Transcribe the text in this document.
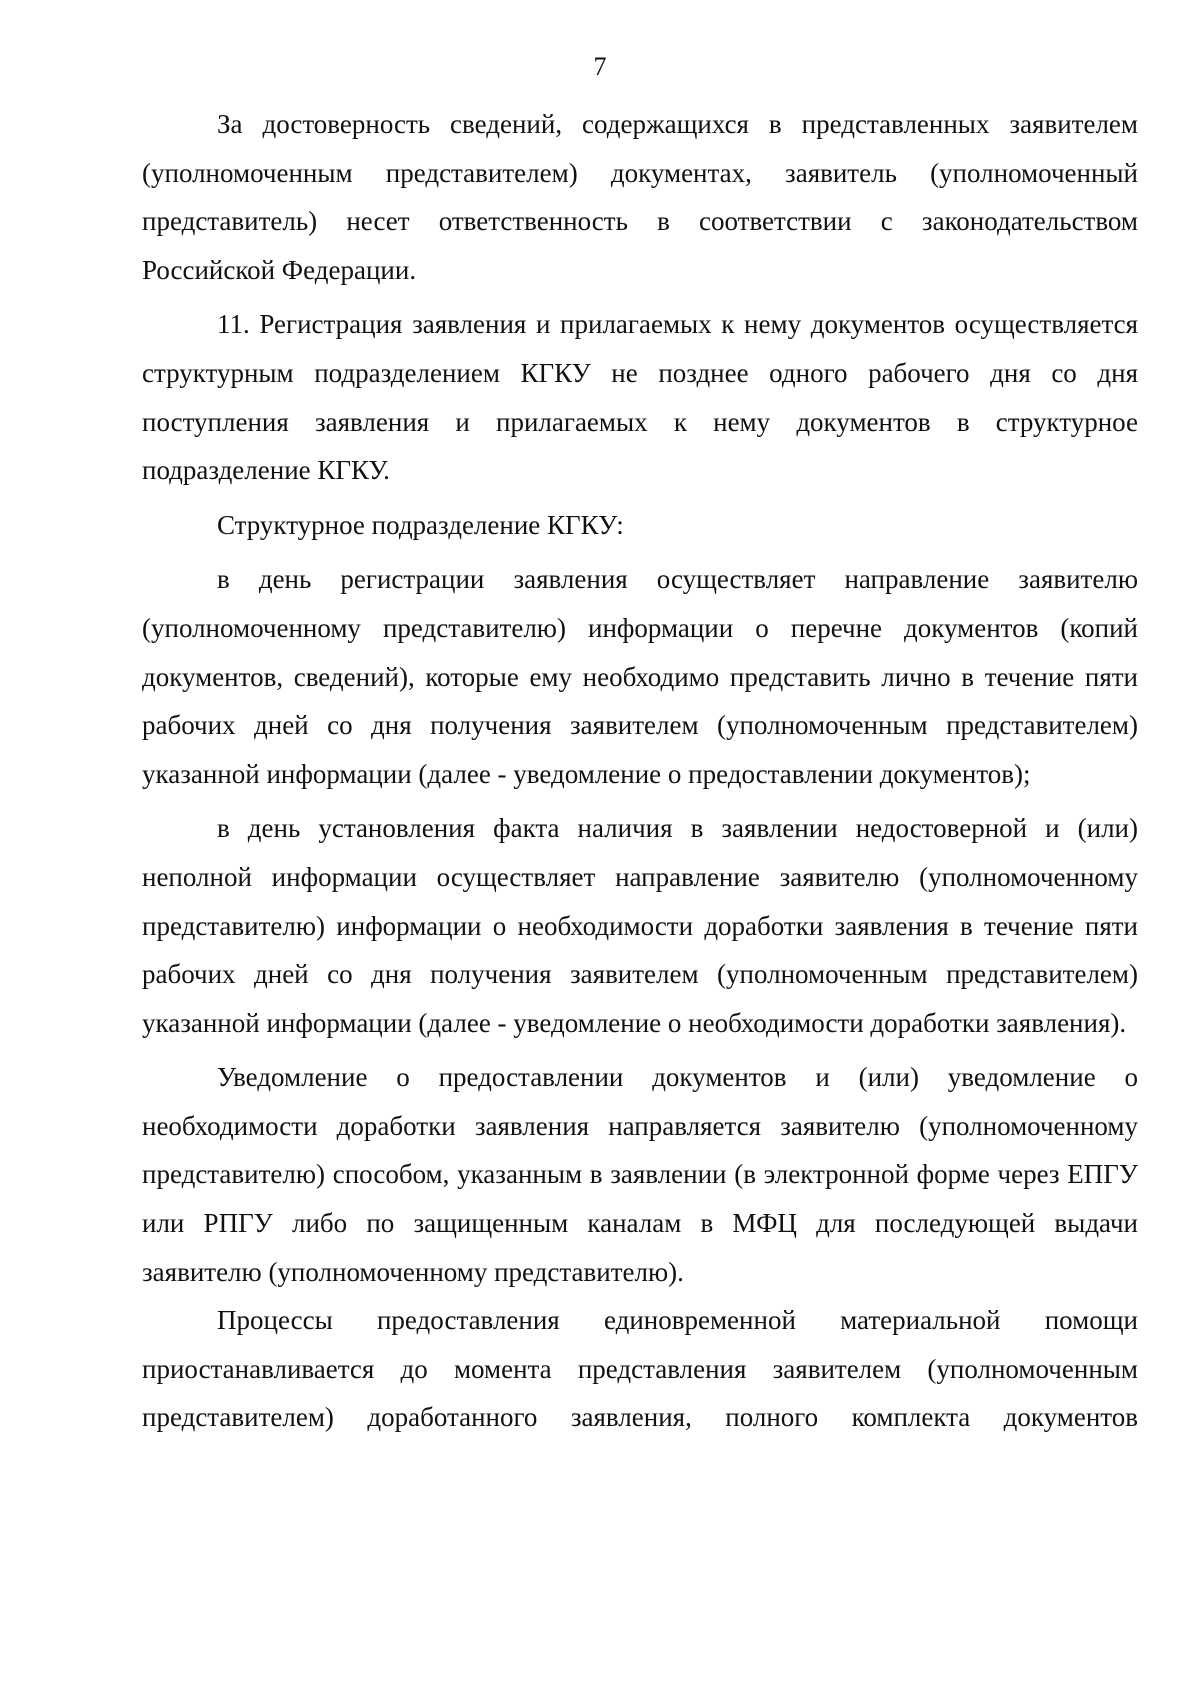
7

За достоверность сведений, содержащихся в представленных заявителем (уполномоченным представителем) документах, заявитель (уполномоченный представитель) несет ответственность в соответствии с законодательством Российской Федерации.

11. Регистрация заявления и прилагаемых к нему документов осуществляется структурным подразделением КГКУ не позднее одного рабочего дня со дня поступления заявления и прилагаемых к нему документов в структурное подразделение КГКУ.

Структурное подразделение КГКУ:

в день регистрации заявления осуществляет направление заявителю (уполномоченному представителю) информации о перечне документов (копий документов, сведений), которые ему необходимо представить лично в течение пяти рабочих дней со дня получения заявителем (уполномоченным представителем) указанной информации (далее - уведомление о предоставлении документов);

в день установления факта наличия в заявлении недостоверной и (или) неполной информации осуществляет направление заявителю (уполномоченному представителю) информации о необходимости доработки заявления в течение пяти рабочих дней со дня получения заявителем (уполномоченным представителем) указанной информации (далее - уведомление о необходимости доработки заявления).

Уведомление о предоставлении документов и (или) уведомление о необходимости доработки заявления направляется заявителю (уполномоченному представителю) способом, указанным в заявлении (в электронной форме через ЕПГУ или РПГУ либо по защищенным каналам в МФЦ для последующей выдачи заявителю (уполномоченному представителю).

Процессы предоставления единовременной материальной помощи приостанавливается до момента представления заявителем (уполномоченным представителем) доработанного заявления, полного комплекта документов
